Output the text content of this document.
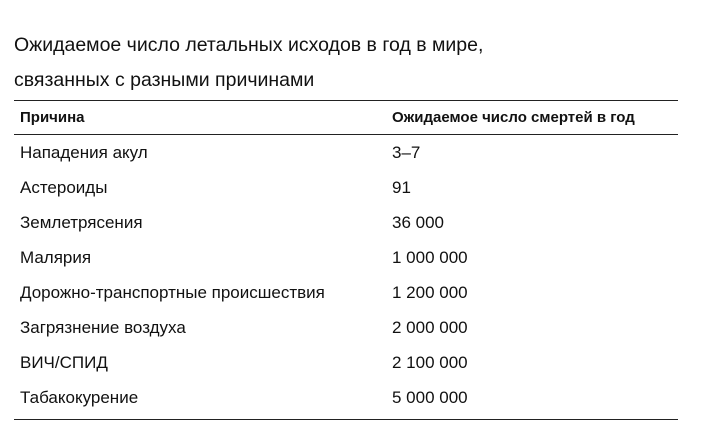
Ожидаемое число летальных исходов в год в мире,
связанных с разными причинами
Причина	Ожидаемое число смертей в год
Нападения акул	3–7
Астероиды	91
Землетрясения	36 000
Малярия	1 000 000
Дорожно-транспортные происшествия	1 200 000
Загрязнение воздуха	2 000 000
ВИЧ/СПИД	2 100 000
Табакокурение	5 000 000
